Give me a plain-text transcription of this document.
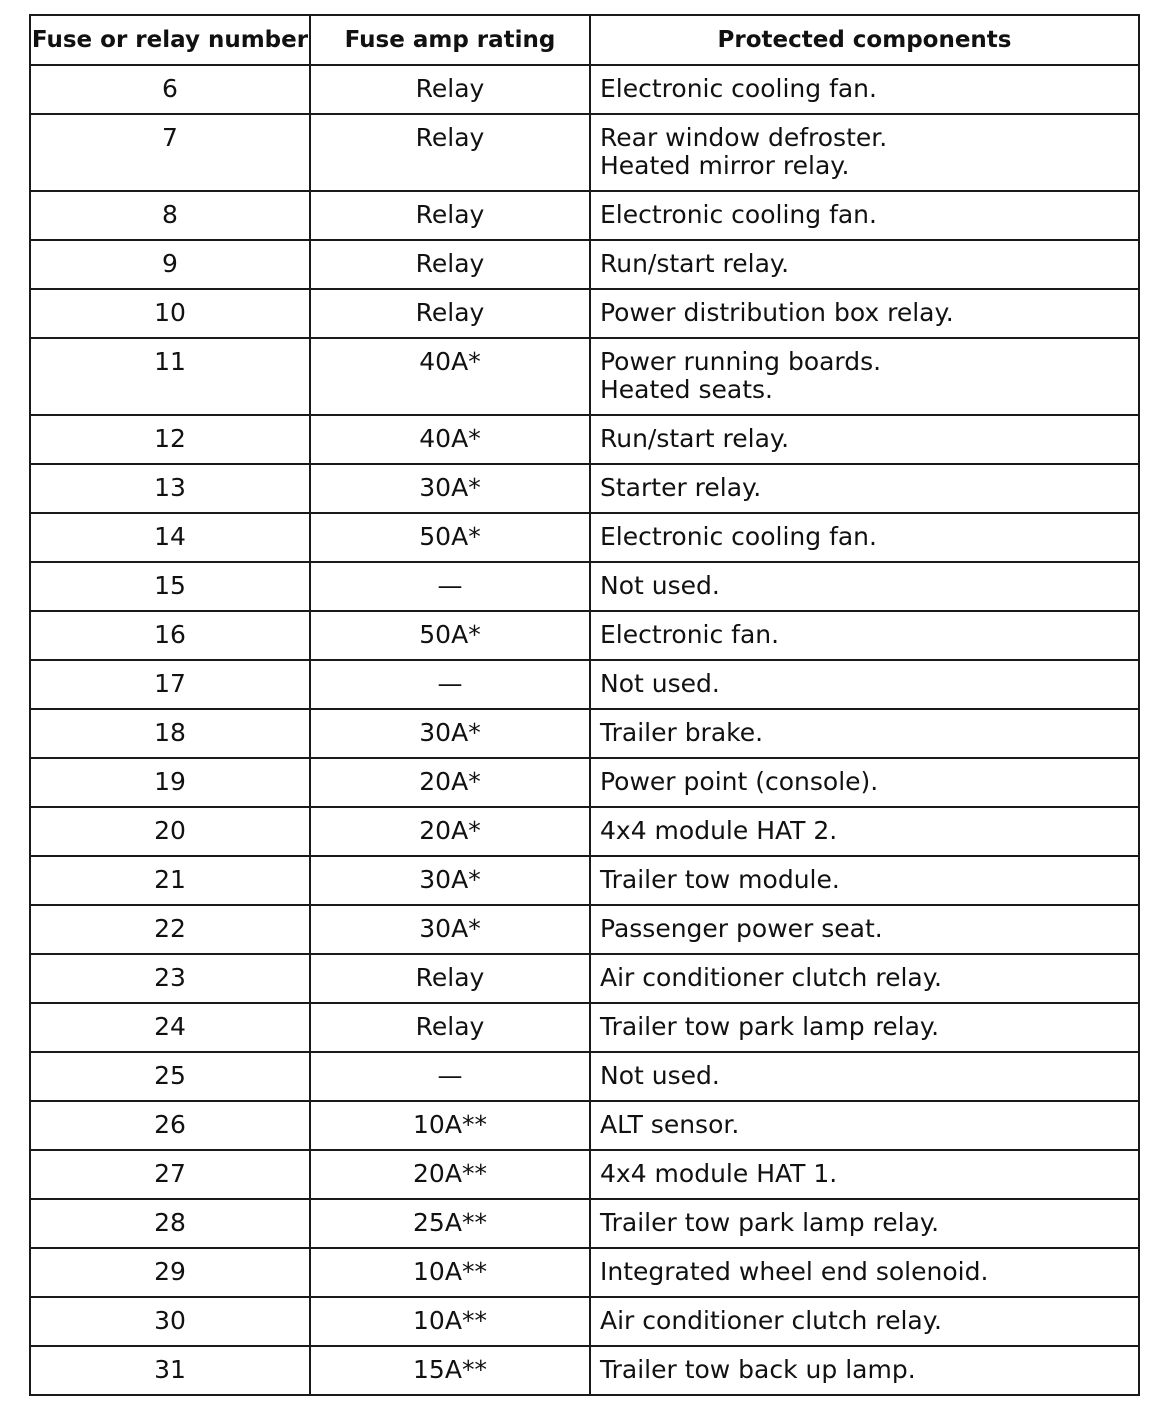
Fuse or relay number	Fuse amp rating	Protected components
6	Relay	Electronic cooling fan.

7	Relay	Rear window defroster.
Heated mirror relay.

8	Relay	Electronic cooling fan.

9	Relay	Run/start relay.

10	Relay	Power distribution box relay.

11	40A*	Power running boards.
Heated seats.

12	40A*	Run/start relay.

13	30A*	Starter relay.

14	50A*	Electronic cooling fan.

15	—	Not used.

16	50A*	Electronic fan.

17	—	Not used.

18	30A*	Trailer brake.

19	20A*	Power point (console).

20	20A*	4x4 module HAT 2.

21	30A*	Trailer tow module.

22	30A*	Passenger power seat.

23	Relay	Air conditioner clutch relay.

24	Relay	Trailer tow park lamp relay.

25	—	Not used.

26	10A**	ALT sensor.

27	20A**	4x4 module HAT 1.

28	25A**	Trailer tow park lamp relay.

29	10A**	Integrated wheel end solenoid.

30	10A**	Air conditioner clutch relay.

31	15A**	Trailer tow back up lamp.
